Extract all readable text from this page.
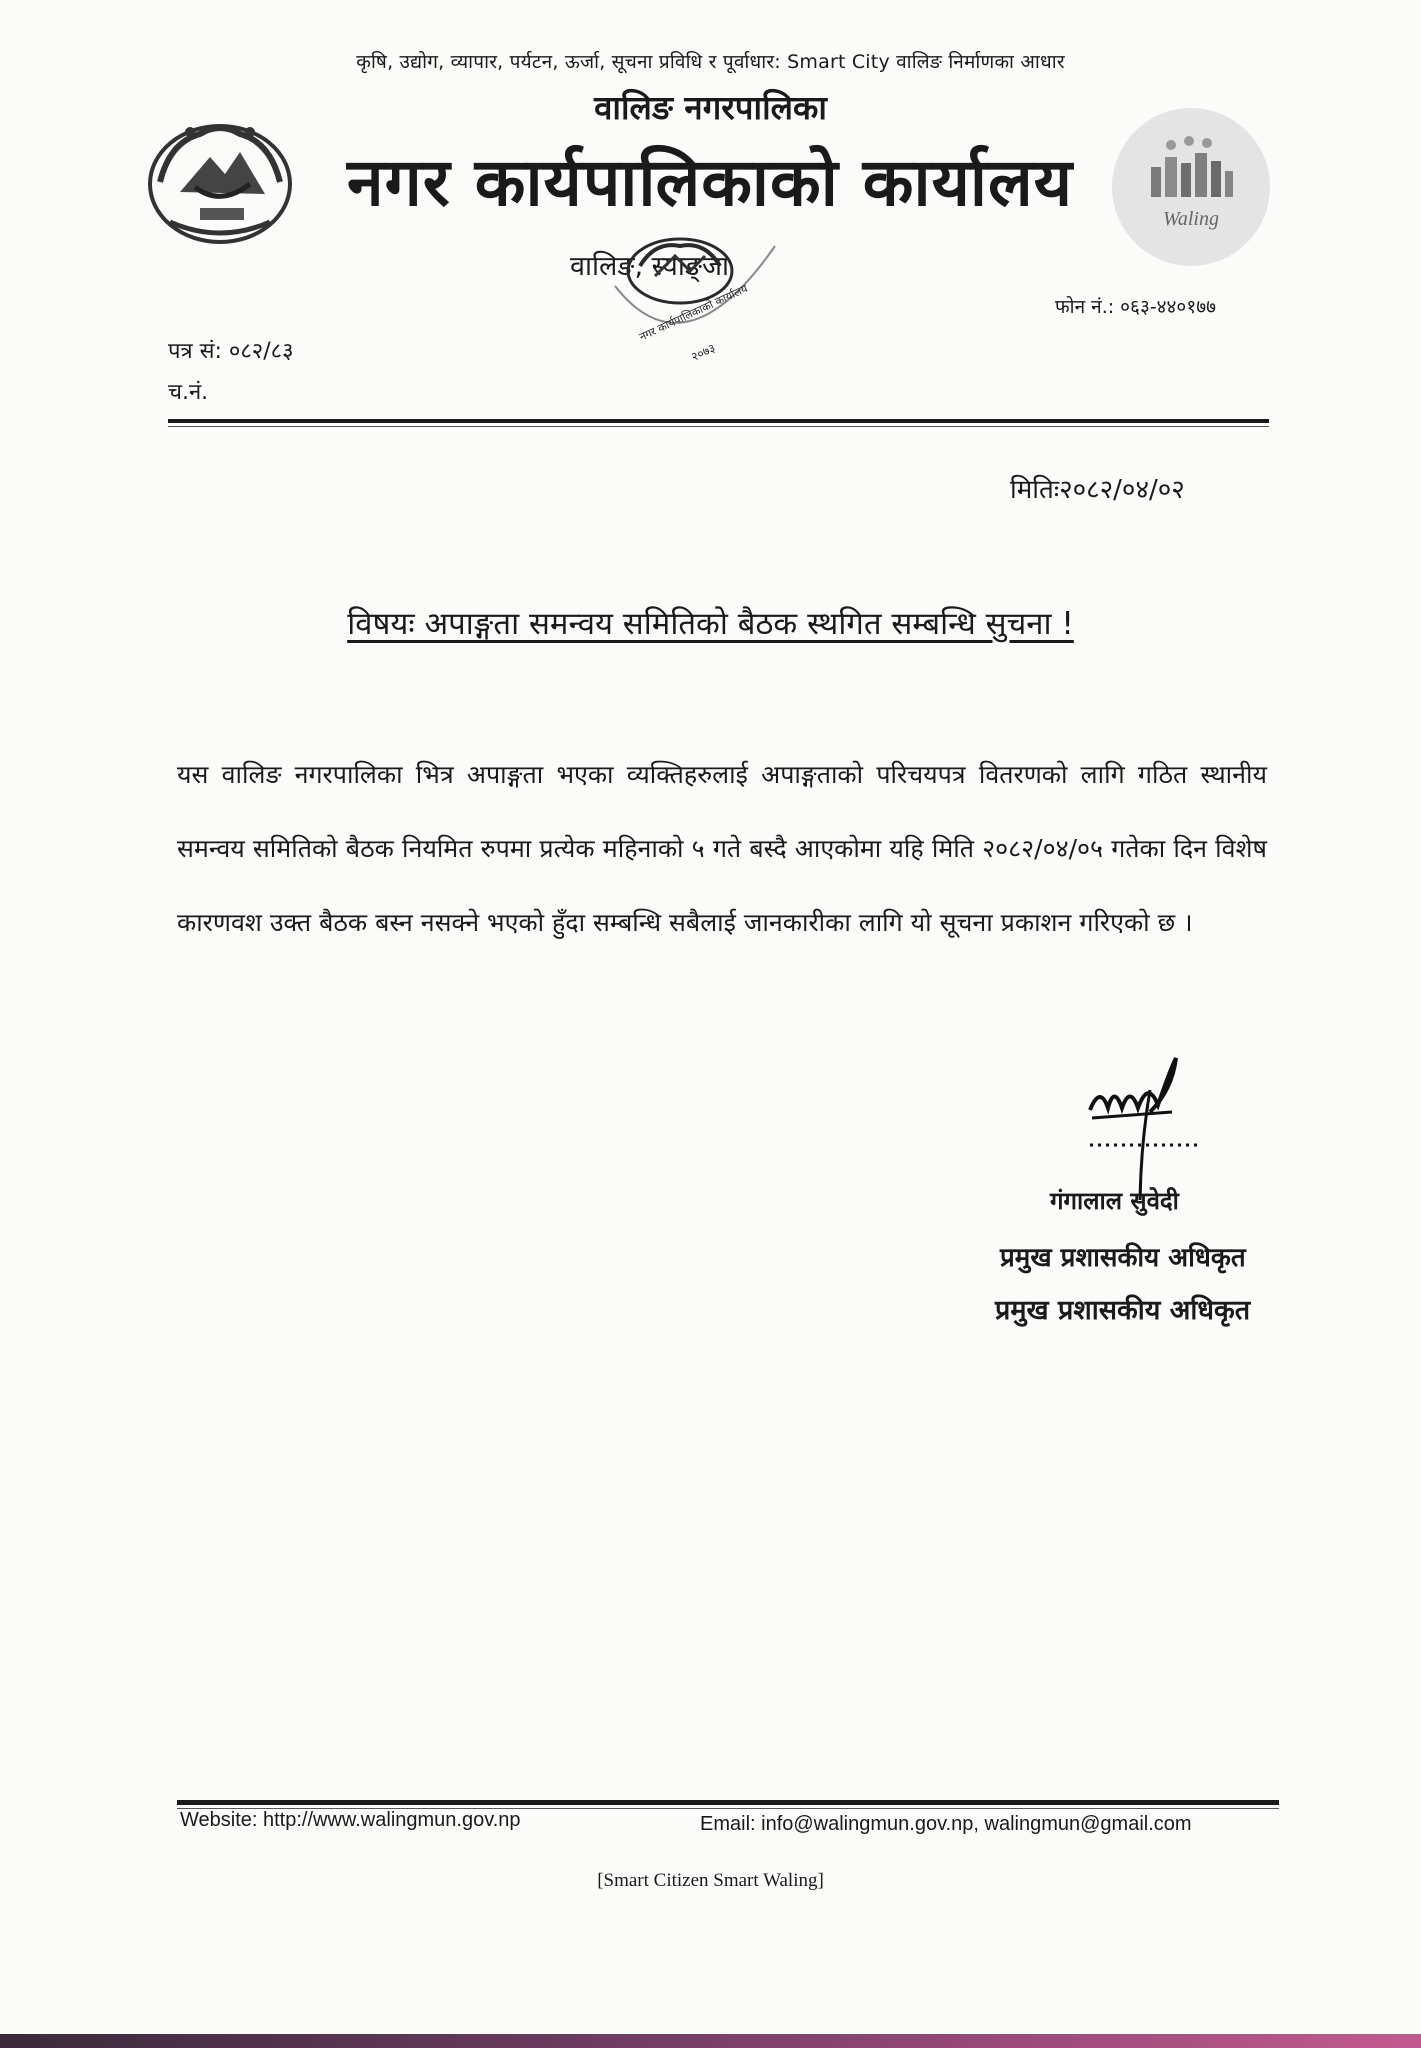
कृषि, उद्योग, व्यापार, पर्यटन, ऊर्जा, सूचना प्रविधि र पूर्वाधार: Smart City वालिङ निर्माणका आधार
वालिङ नगरपालिका
नगर कार्यपालिकाको कार्यालय	Waling
वालिङ, स्याङ्जा
नगर कार्यपालिकाको कार्यालय
२०७३
फोन नं.: ०६३-४४०१७७
पत्र सं: ०८२/८३
च.नं.
मितिः२०८२/०४/०२
विषयः अपाङ्गता समन्वय समितिको बैठक स्थगित सम्बन्धि सुचना !
यस वालिङ नगरपालिका भित्र अपाङ्गता भएका व्यक्तिहरुलाई अपाङ्गताको परिचयपत्र वितरणको लागि गठित स्थानीय समन्वय समितिको बैठक नियमित रुपमा प्रत्येक महिनाको ५ गते बस्दै आएकोमा यहि मिति २०८२/०४/०५ गतेका दिन विशेष कारणवश उक्त बैठक बस्न नसक्ने भएको हुँदा सम्बन्धि सबैलाई जानकारीका लागि यो सूचना प्रकाशन गरिएको छ ।
गंगालाल सुवेदी
प्रमुख प्रशासकीय अधिकृत
प्रमुख प्रशासकीय अधिकृत
Website: http://www.walingmun.gov.np	Email: info@walingmun.gov.np, walingmun@gmail.com
[Smart Citizen Smart Waling]
